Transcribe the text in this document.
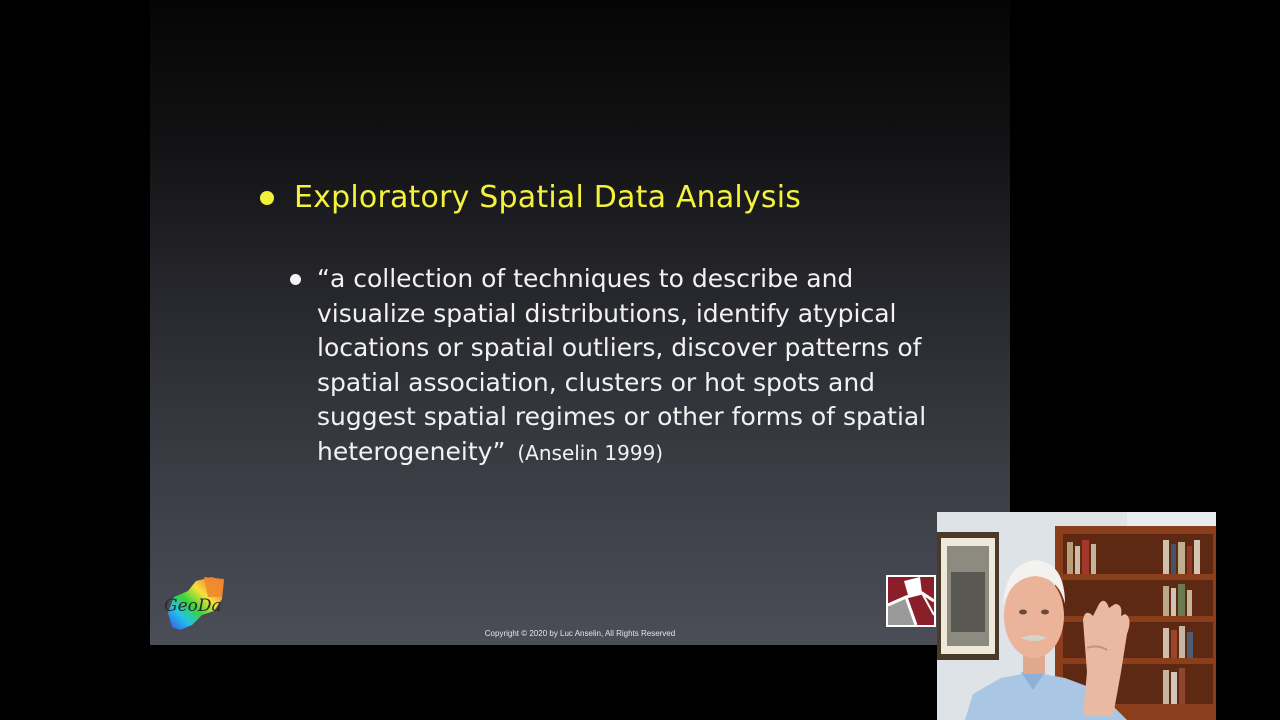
Exploratory Spatial Data Analysis
“a collection of techniques to describe and visualize spatial distributions, identify atypical locations or spatial outliers, discover patterns of spatial association, clusters or hot spots and suggest spatial regimes or other forms of spatial heterogeneity” (Anselin 1999)
GeoDa
Copyright © 2020 by Luc Anselin, All Rights Reserved
